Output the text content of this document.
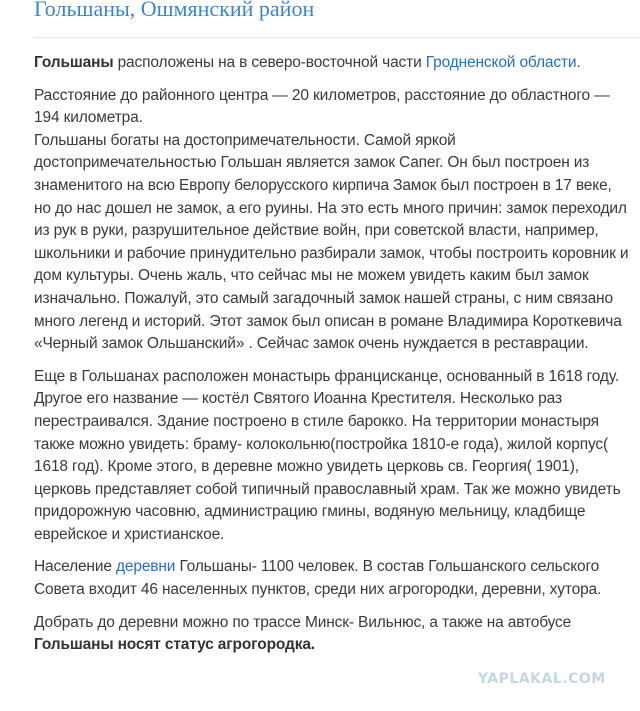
Гольшаны, Ошмянский район

Гольшаны расположены на в северо-восточной части Гродненской области.

Расстояние до районного центра — 20 километров, расстояние до областного — 194 километра.
Гольшаны богаты на достопримечательности. Самой яркой достопримечательностью Гольшан является замок Сапег. Он был построен из знаменитого на всю Европу белорусского кирпича Замок был построен в 17 веке, но до нас дошел не замок, а его руины. На это есть много причин: замок переходил из рук в руки, разрушительное действие войн, при советской власти, например, школьники и рабочие принудительно разбирали замок, чтобы построить коровник и дом культуры. Очень жаль, что сейчас мы не можем увидеть каким был замок изначально. Пожалуй, это самый загадочный замок нашей страны, с ним связано много легенд и историй. Этот замок был описан в романе Владимира Короткевича «Черный замок Ольшанский» . Сейчас замок очень нуждается в реставрации.

Еще в Гольшанах расположен монастырь францисканце, основанный в 1618 году. Другое его название — костёл Святого Иоанна Крестителя. Несколько раз перестраивался. Здание построено в стиле барокко. На территории монастыря также можно увидеть: браму- колокольню(постройка 1810-е года), жилой корпус( 1618 год). Кроме этого, в деревне можно увидеть церковь св. Георгия( 1901), церковь представляет собой типичный православный храм. Так же можно увидеть придорожную часовню, администрацию гмины, водяную мельницу, кладбище еврейское и христианское.

Население деревни Гольшаны- 1100 человек. В состав Гольшанского сельского Совета входит 46 населенных пунктов, среди них агрогородки, деревни, хутора.

Добрать до деревни можно по трассе Минск- Вильнюс, а также на автобусе
Гольшаны носят статус агрогородка.

YAPLAKAL.COM
